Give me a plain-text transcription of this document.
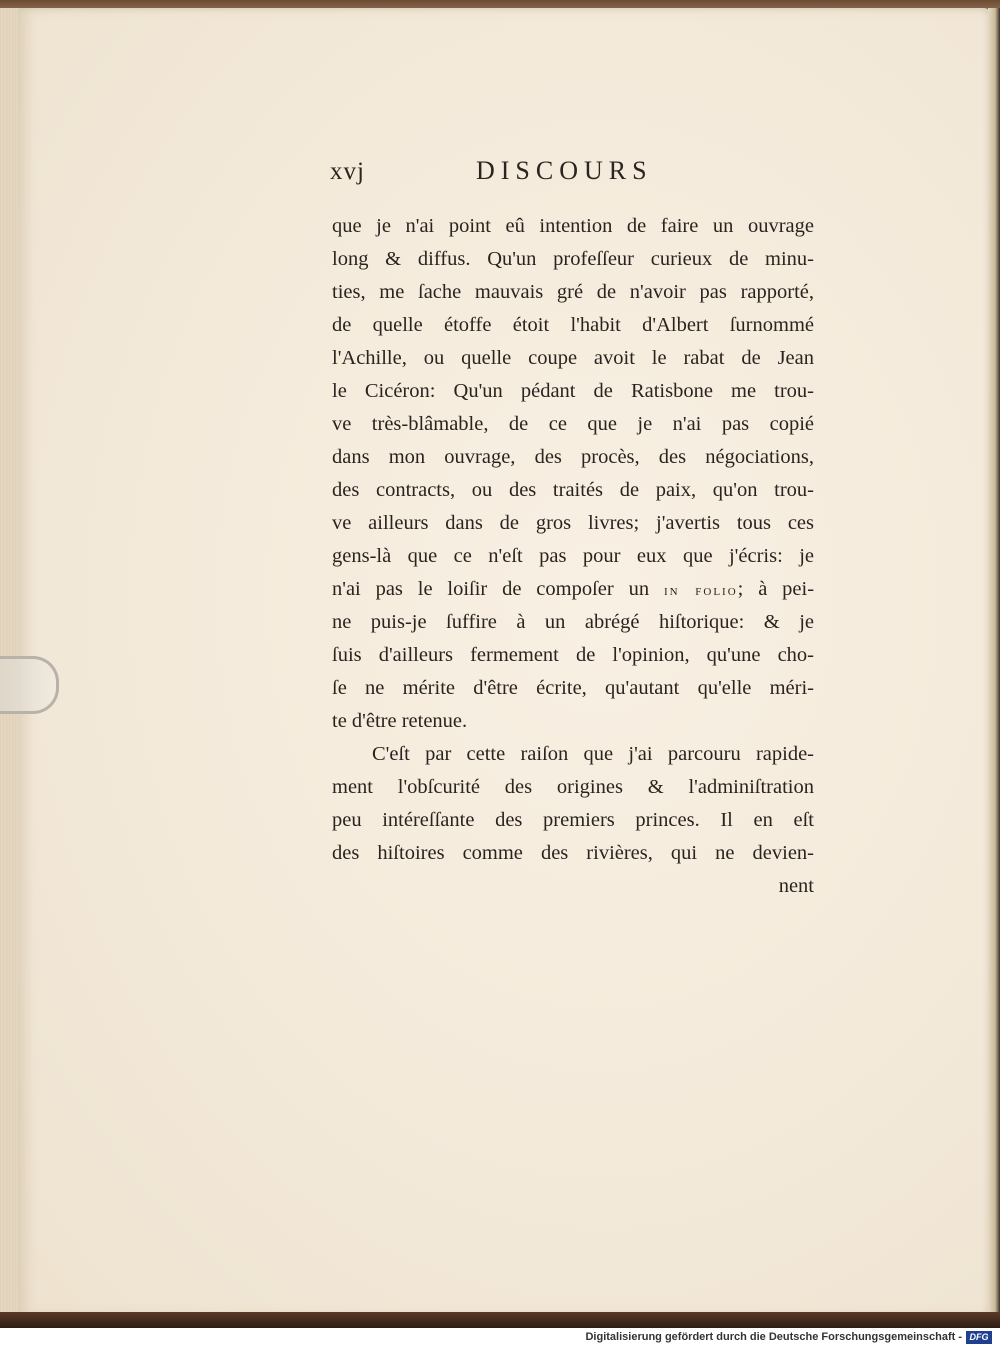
xvj	DISCOURS
que je n'ai point eû intention de faire un ouvrage
long & diffus. Qu'un profeſſeur curieux de minu-
ties, me ſache mauvais gré de n'avoir pas rapporté,
de quelle étoffe étoit l'habit d'Albert ſurnommé
l'Achille, ou quelle coupe avoit le rabat de Jean
le Cicéron: Qu'un pédant de Ratisbone me trou-
ve très-blâmable, de ce que je n'ai pas copié
dans mon ouvrage, des procès, des négociations,
des contracts, ou des traités de paix, qu'on trou-
ve ailleurs dans de gros livres; j'avertis tous ces
gens-là que ce n'eſt pas pour eux que j'écris: je
n'ai pas le loiſir de compoſer un in folio; à pei-
ne puis-je ſuffire à un abrégé hiſtorique: & je
ſuis d'ailleurs fermement de l'opinion, qu'une cho-
ſe ne mérite d'être écrite, qu'autant qu'elle méri-
te d'être retenue.
C'eſt par cette raiſon que j'ai parcouru rapide-
ment l'obſcurité des origines & l'adminiſtration
peu intéreſſante des premiers princes. Il en eſt
des hiſtoires comme des rivières, qui ne devien-
nent
Digitalisierung gefördert durch die Deutsche Forschungsgemeinschaft - DFG
